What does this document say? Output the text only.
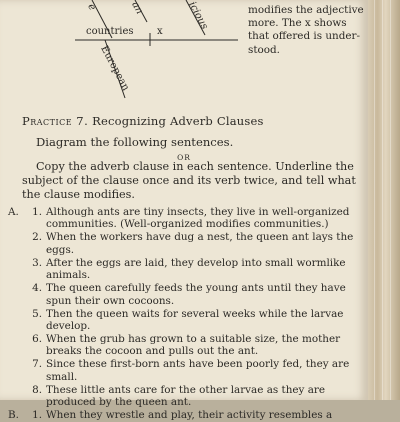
e	an	icious
countries x
European

modifies the adjective

more. The x shows

that offered is under-

stood.

Practice 7. Recognizing Adverb Clauses
Diagram the following sentences.
OR

Copy the adverb clause in each sentence. Underline the subject of the clause once and its verb twice, and tell what the clause modifies.

A. 1. Although ants are tiny insects, they live in well-organized communities. (Well-organized modifies communities.)
2. When the workers have dug a nest, the queen ant lays the eggs.
3. After the eggs are laid, they develop into small wormlike animals.
4. The queen carefully feeds the young ants until they have spun their own cocoons.
5. Then the queen waits for several weeks while the larvae develop.
6. When the grub has grown to a suitable size, the mother breaks the cocoon and pulls out the ant.
7. Since these first-born ants have been poorly fed, they are small.
8. These little ants care for the other larvae as they are produced by the queen ant.
B. 1. When they wrestle and play, their activity resembles a
